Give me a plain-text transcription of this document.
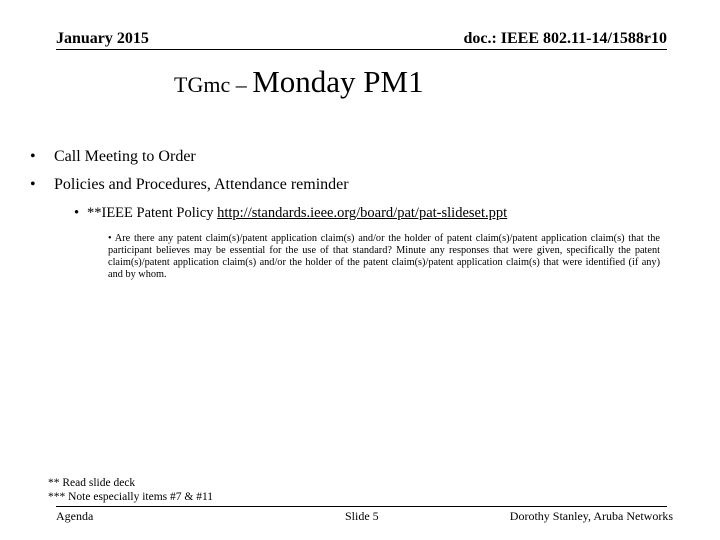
January 2015	doc.: IEEE 802.11-14/1588r10
TGmc – Monday PM1
• Call Meeting to Order
• Policies and Procedures, Attendance reminder
• **IEEE Patent Policy http://standards.ieee.org/board/pat/pat-slideset.ppt
• Are there any patent claim(s)/patent application claim(s) and/or the holder of patent claim(s)/patent application claim(s) that the participant believes may be essential for the use of that standard? Minute any responses that were given, specifically the patent claim(s)/patent application claim(s) and/or the holder of the patent claim(s)/patent application claim(s) that were identified (if any) and by whom.
** Read slide deck
*** Note especially items #7 & #11
Agenda	Slide 5	Dorothy Stanley, Aruba Networks
